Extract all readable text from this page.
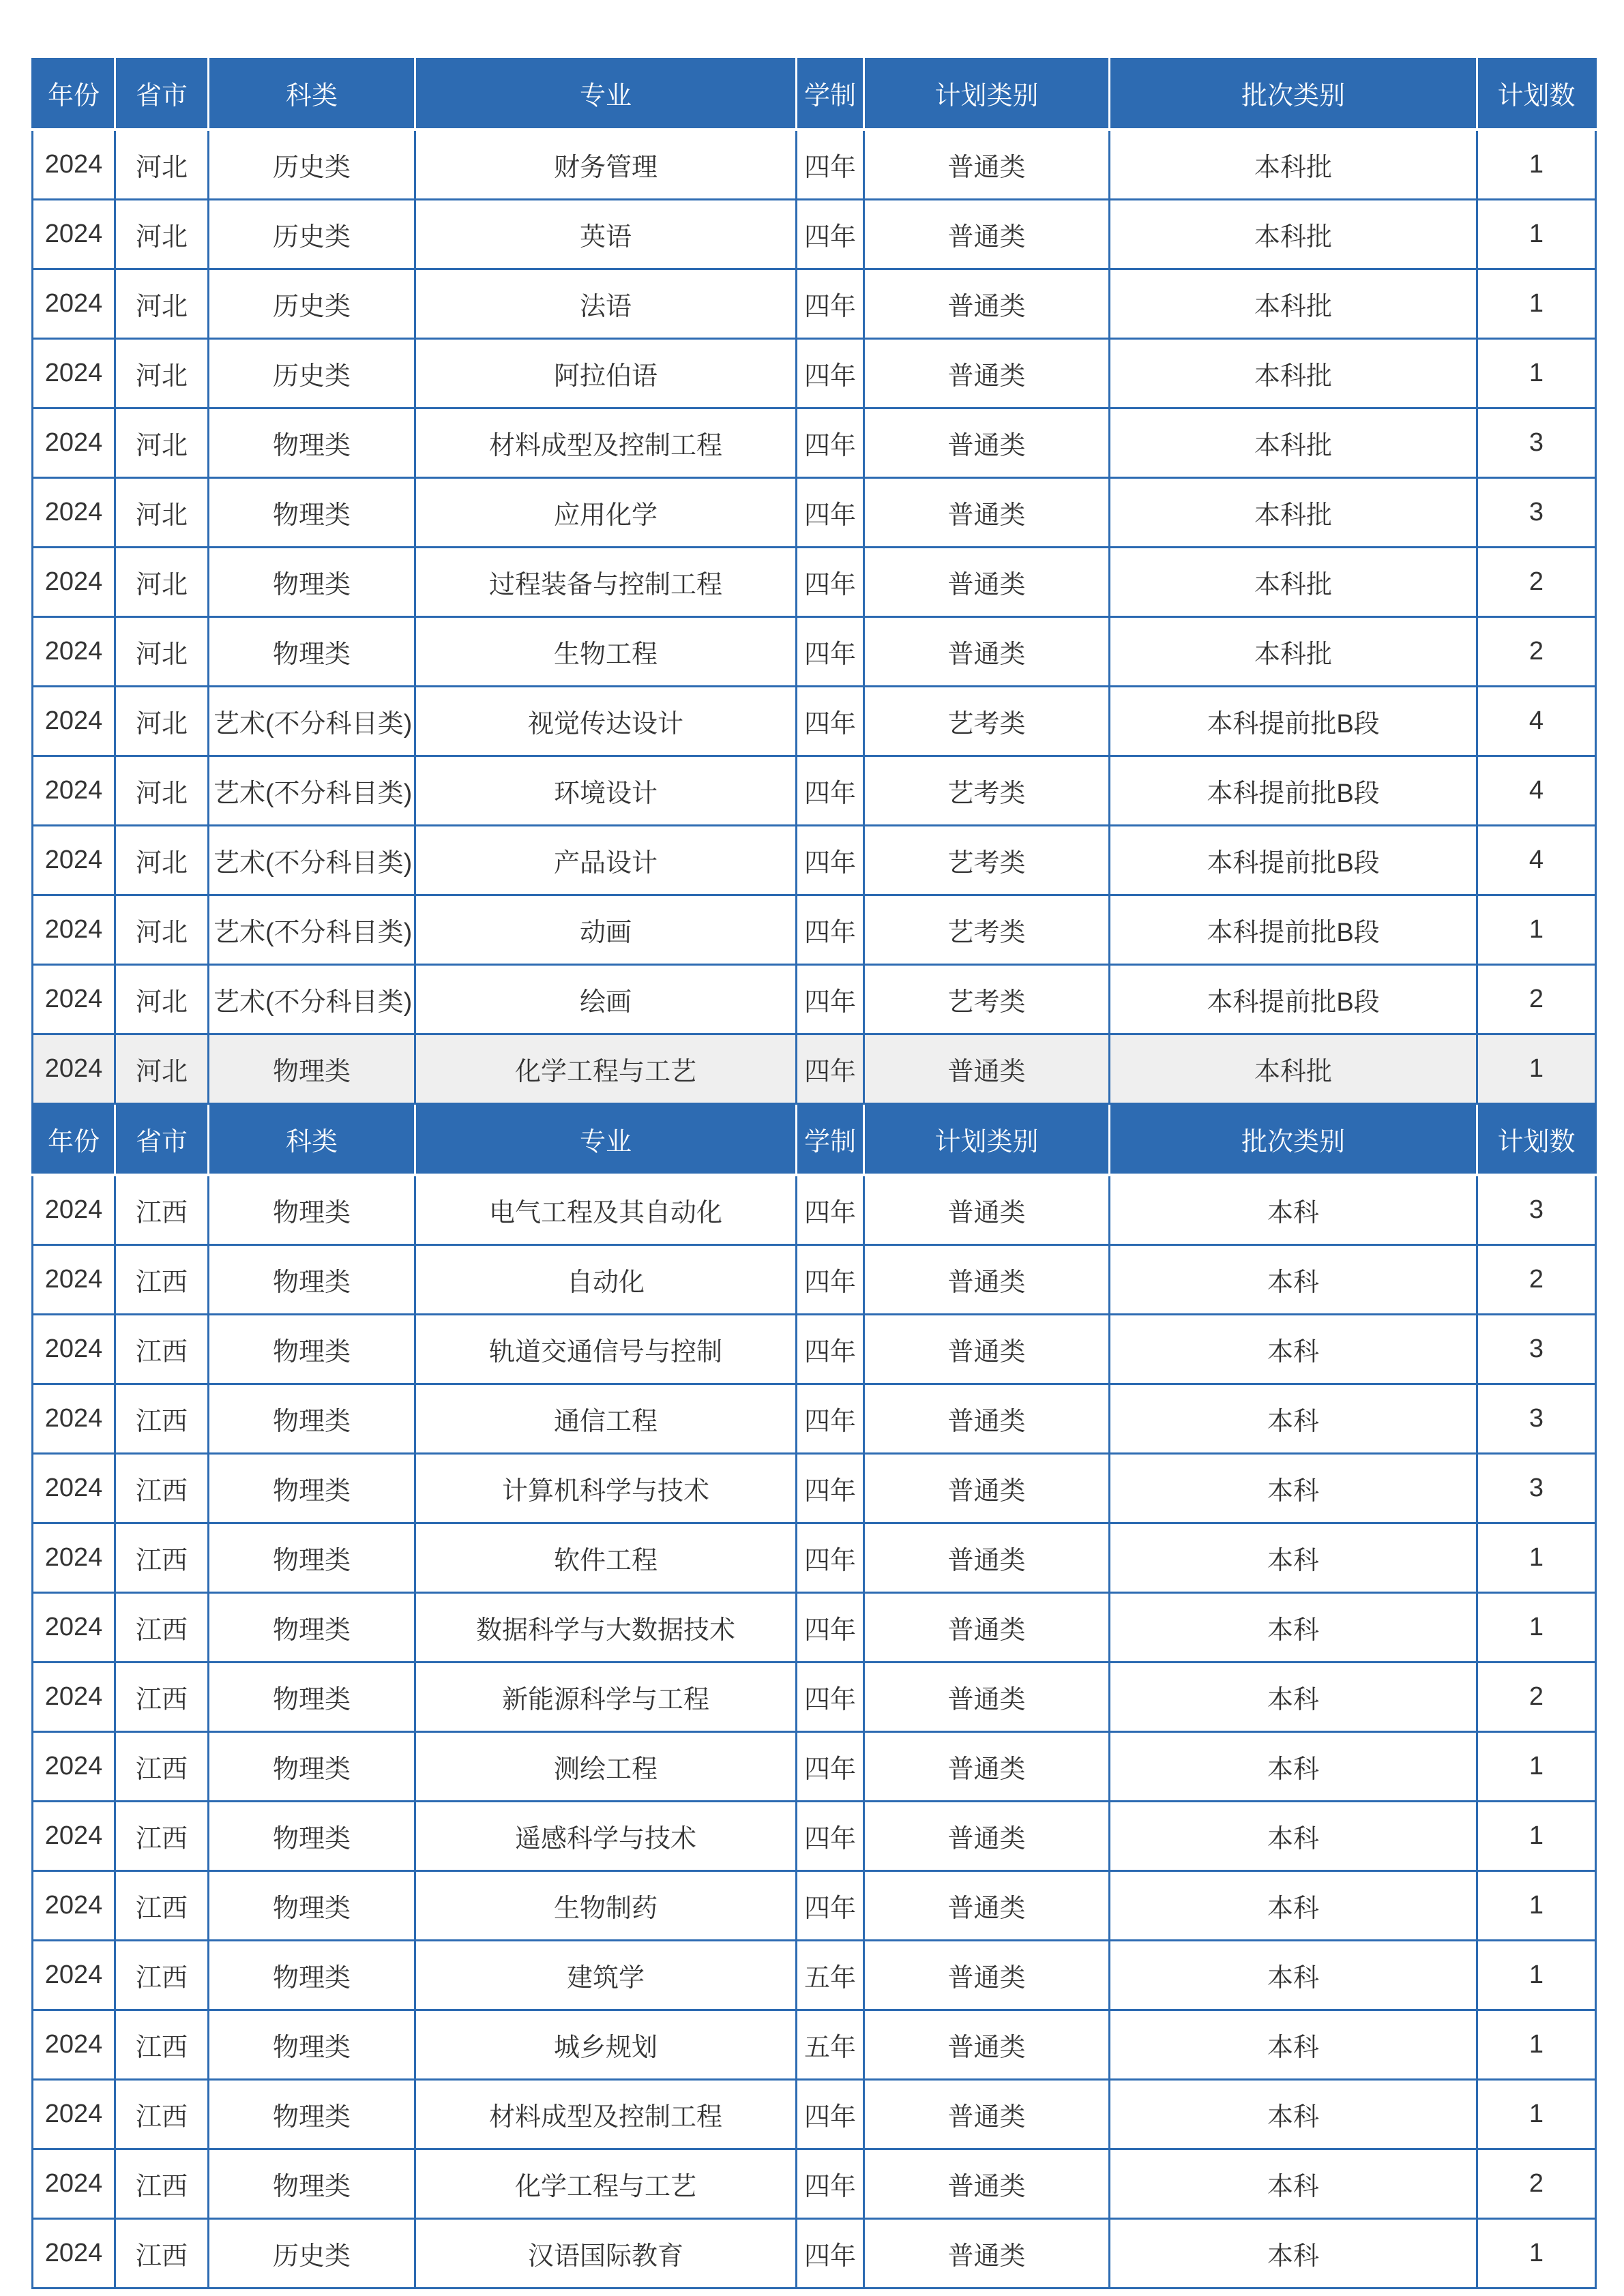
年份	省市	科类	专业	学制	计划类别	批次类别	计划数
2024	河北	历史类	财务管理	四年	普通类	本科批	1
2024	河北	历史类	英语	四年	普通类	本科批	1
2024	河北	历史类	法语	四年	普通类	本科批	1
2024	河北	历史类	阿拉伯语	四年	普通类	本科批	1
2024	河北	物理类	材料成型及控制工程	四年	普通类	本科批	3
2024	河北	物理类	应用化学	四年	普通类	本科批	3
2024	河北	物理类	过程装备与控制工程	四年	普通类	本科批	2
2024	河北	物理类	生物工程	四年	普通类	本科批	2
2024	河北	艺术(不分科目类)	视觉传达设计	四年	艺考类	本科提前批B段	4
2024	河北	艺术(不分科目类)	环境设计	四年	艺考类	本科提前批B段	4
2024	河北	艺术(不分科目类)	产品设计	四年	艺考类	本科提前批B段	4
2024	河北	艺术(不分科目类)	动画	四年	艺考类	本科提前批B段	1
2024	河北	艺术(不分科目类)	绘画	四年	艺考类	本科提前批B段	2
2024	河北	物理类	化学工程与工艺	四年	普通类	本科批	1
年份	省市	科类	专业	学制	计划类别	批次类别	计划数
2024	江西	物理类	电气工程及其自动化	四年	普通类	本科	3
2024	江西	物理类	自动化	四年	普通类	本科	2
2024	江西	物理类	轨道交通信号与控制	四年	普通类	本科	3
2024	江西	物理类	通信工程	四年	普通类	本科	3
2024	江西	物理类	计算机科学与技术	四年	普通类	本科	3
2024	江西	物理类	软件工程	四年	普通类	本科	1
2024	江西	物理类	数据科学与大数据技术	四年	普通类	本科	1
2024	江西	物理类	新能源科学与工程	四年	普通类	本科	2
2024	江西	物理类	测绘工程	四年	普通类	本科	1
2024	江西	物理类	遥感科学与技术	四年	普通类	本科	1
2024	江西	物理类	生物制药	四年	普通类	本科	1
2024	江西	物理类	建筑学	五年	普通类	本科	1
2024	江西	物理类	城乡规划	五年	普通类	本科	1
2024	江西	物理类	材料成型及控制工程	四年	普通类	本科	1
2024	江西	物理类	化学工程与工艺	四年	普通类	本科	2
2024	江西	历史类	汉语国际教育	四年	普通类	本科	1
